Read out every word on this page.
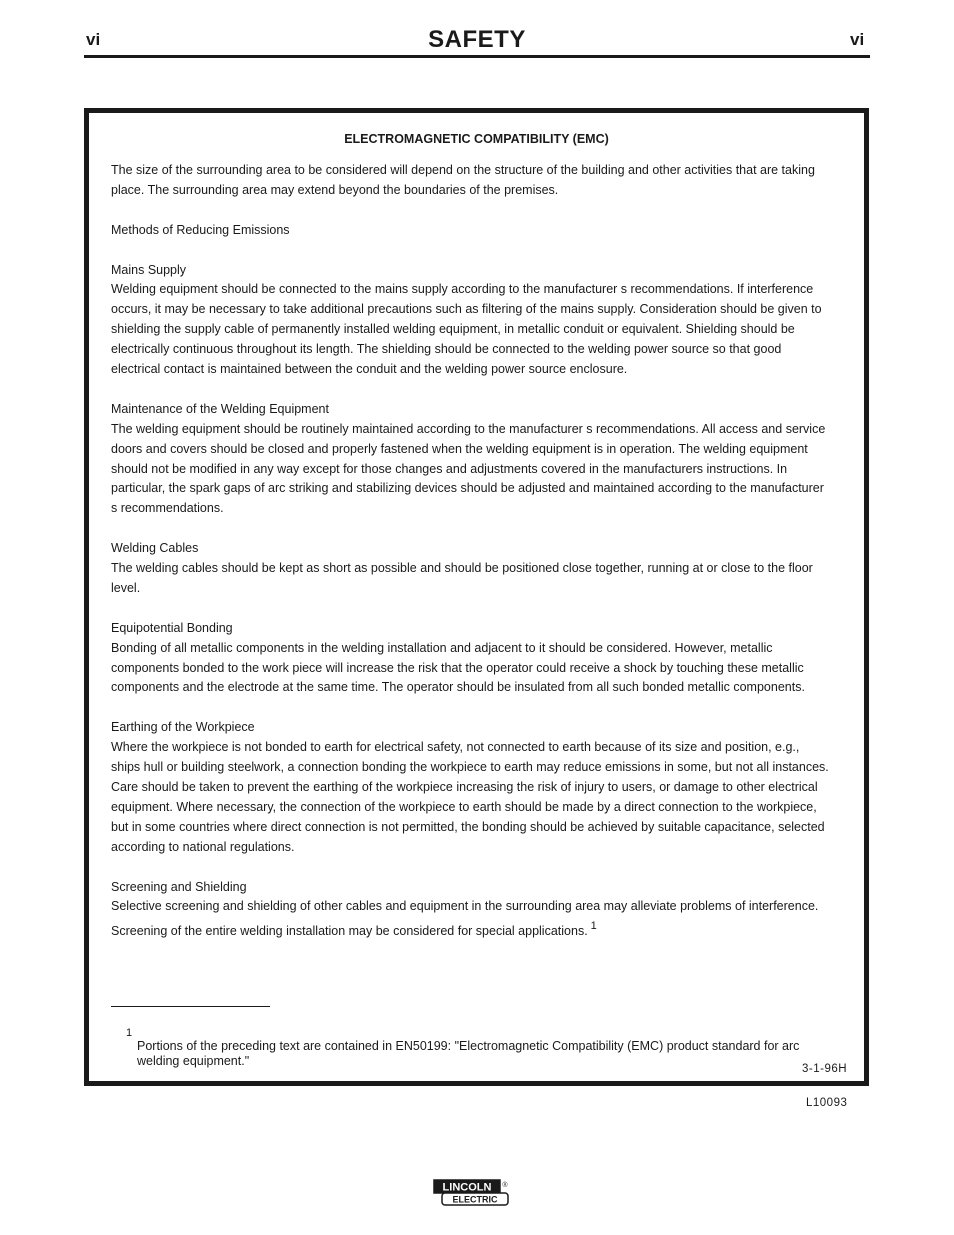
vi	SAFETY	vi
ELECTROMAGNETIC COMPATIBILITY (EMC)

The size of the surrounding area to be considered will depend on the structure of the building and other activities that are taking place. The surrounding area may extend beyond the boundaries of the premises.

Methods of Reducing Emissions

Mains Supply
Welding equipment should be connected to the mains supply according to the manufacturer s recommendations. If interference occurs, it may be necessary to take additional precautions such as filtering of the mains supply. Consideration should be given to shielding the supply cable of permanently installed welding equipment, in metallic conduit or equivalent. Shielding should be electrically continuous throughout its length. The shielding should be connected to the welding power source so that good electrical contact is maintained between the conduit and the welding power source enclosure.

Maintenance of the Welding Equipment
The welding equipment should be routinely maintained according to the manufacturer s recommendations. All access and service doors and covers should be closed and properly fastened when the welding equipment is in operation. The welding equipment should not be modified in any way except for those changes and adjustments covered in the manufacturers instructions. In particular, the spark gaps of arc striking and stabilizing devices should be adjusted and maintained according to the manufacturer s recommendations.

Welding Cables
The welding cables should be kept as short as possible and should be positioned close together, running at or close to the floor level.

Equipotential Bonding
Bonding of all metallic components in the welding installation and adjacent to it should be considered. However, metallic components bonded to the work piece will increase the risk that the operator could receive a shock by touching these metallic components and the electrode at the same time. The operator should be insulated from all such bonded metallic components.

Earthing of the Workpiece
Where the workpiece is not bonded to earth for electrical safety, not connected to earth because of its size and position, e.g., ships hull or building steelwork, a connection bonding the workpiece to earth may reduce emissions in some, but not all instances. Care should be taken to prevent the earthing of the workpiece increasing the risk of injury to users, or damage to other electrical equipment. Where necessary, the connection of the workpiece to earth should be made by a direct connection to the workpiece, but in some countries where direct connection is not permitted, the bonding should be achieved by suitable capacitance, selected according to national regulations.

Screening and Shielding
Selective screening and shielding of other cables and equipment in the surrounding area may alleviate problems of interference. Screening of the entire welding installation may be considered for special applications. 1

1
Portions of the preceding text are contained in EN50199: "Electromagnetic Compatibility (EMC) product standard for arc welding equipment."
3-1-96H
L10093
LINCOLN ®
ELECTRIC
